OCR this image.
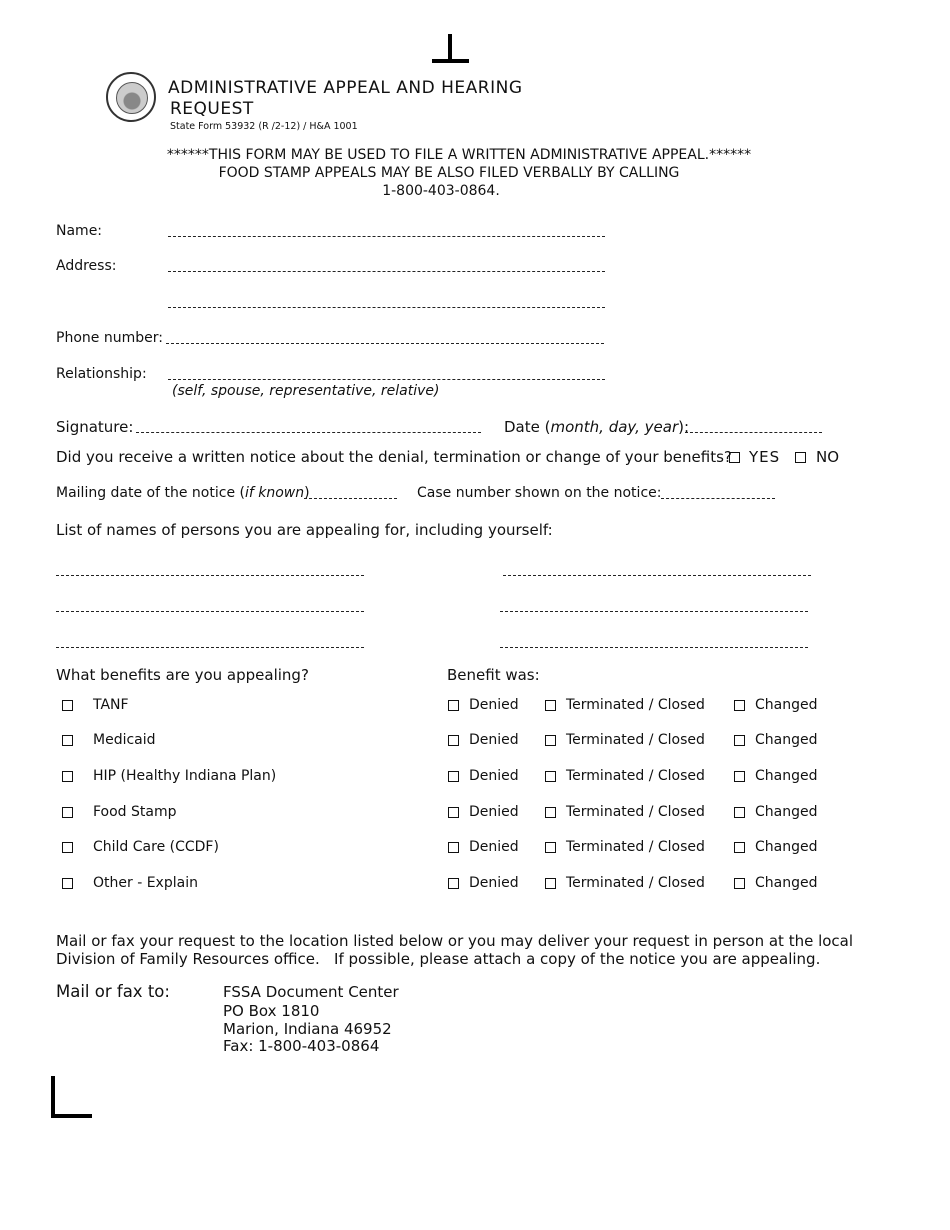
ADMINISTRATIVE APPEAL AND HEARING
REQUEST
State Form 53932 (R /2-12) / H&A 1001
******THIS FORM MAY BE USED TO FILE A WRITTEN ADMINISTRATIVE APPEAL.******
FOOD STAMP APPEALS MAY BE ALSO FILED VERBALLY BY CALLING
1-800-403-0864.
Name:
Address:
Phone number:
Relationship:
(self, spouse, representative, relative)
Signature:	Date (month, day, year):
Did you receive a written notice about the denial, termination or change of your benefits? YES NO
Mailing date of the notice (if known)	Case number shown on the notice:
List of names of persons you are appealing for, including yourself:
What benefits are you appealing?	Benefit was:
TANF	Denied	Terminated / Closed	Changed
Medicaid	Denied	Terminated / Closed	Changed
HIP (Healthy Indiana Plan)	Denied	Terminated / Closed	Changed
Food Stamp	Denied	Terminated / Closed	Changed
Child Care (CCDF)	Denied	Terminated / Closed	Changed
Other - Explain	Denied	Terminated / Closed	Changed
Mail or fax your request to the location listed below or you may deliver your request in person at the local
Division of Family Resources office.   If possible, please attach a copy of the notice you are appealing.
Mail or fax to:	FSSA Document Center
PO Box 1810
Marion, Indiana 46952
Fax: 1-800-403-0864
